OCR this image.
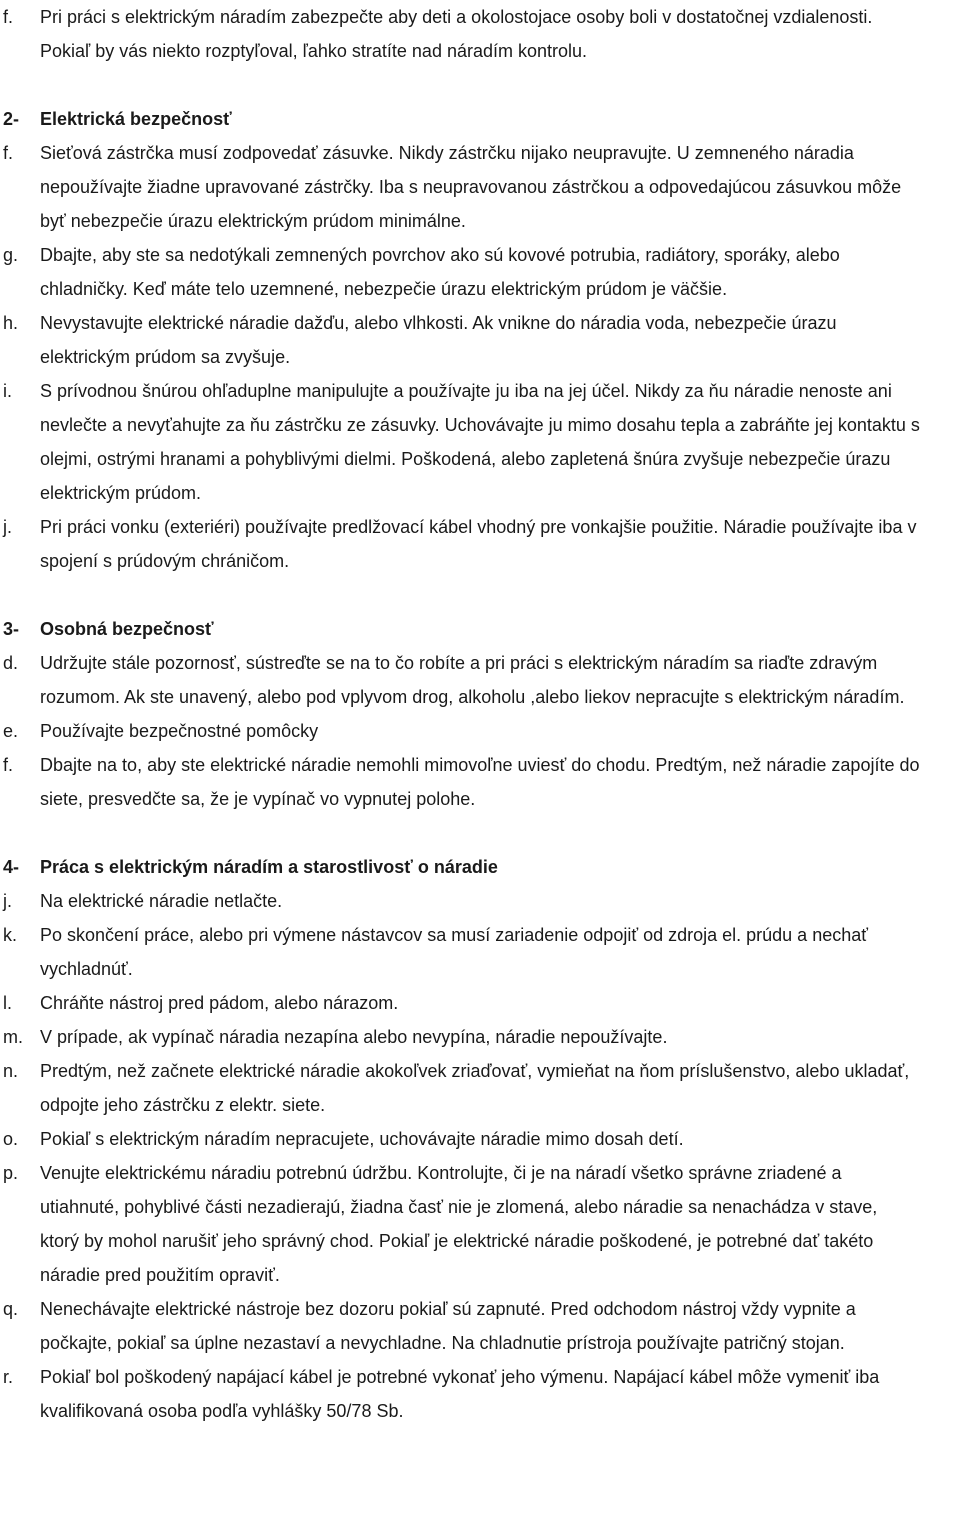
f. Pri práci s elektrickým náradím zabezpečte aby deti a okolostojace osoby boli v dostatočnej vzdialenosti. Pokiaľ by vás niekto rozptyľoval, ľahko stratíte nad náradím kontrolu.
2- Elektrická bezpečnosť
f. Sieťová zástrčka musí zodpovedať zásuvke. Nikdy zástrčku nijako neupravujte. U zemneného náradia nepoužívajte žiadne upravované zástrčky. Iba s neupravovanou zástrčkou a odpovedajúcou zásuvkou môže byť nebezpečie úrazu elektrickým prúdom minimálne.
g. Dbajte, aby ste sa nedotýkali zemnených povrchov ako sú kovové potrubia, radiátory, sporáky, alebo chladničky. Keď máte telo uzemnené, nebezpečie úrazu elektrickým prúdom je väčšie.
h. Nevystavujte elektrické náradie dažďu, alebo vlhkosti. Ak vnikne do náradia voda, nebezpečie úrazu elektrickým prúdom sa zvyšuje.
i. S prívodnou šnúrou ohľaduplne manipulujte a používajte ju iba na jej účel. Nikdy za ňu náradie nenoste ani nevlečte a nevyťahujte za ňu zástrčku ze zásuvky. Uchovávajte ju mimo dosahu tepla a zabráňte jej kontaktu s olejmi, ostrými hranami a pohyblivými dielmi. Poškodená, alebo zapletená šnúra zvyšuje nebezpečie úrazu elektrickým prúdom.
j. Pri práci vonku (exteriéri) používajte predlžovací kábel vhodný pre vonkajšie použitie. Náradie používajte iba v spojení s prúdovým chráničom.
3- Osobná bezpečnosť
d. Udržujte stále pozornosť, sústreďte se na to čo robíte a pri práci s elektrickým náradím sa riaďte zdravým rozumom. Ak ste unavený, alebo pod vplyvom drog, alkoholu ,alebo liekov nepracujte s elektrickým náradím.
e. Používajte bezpečnostné pomôcky
f. Dbajte na to, aby ste elektrické náradie nemohli mimovoľne uviesť do chodu. Predtým, než náradie zapojíte do siete, presvedčte sa, že je vypínač vo vypnutej polohe.
4- Práca s elektrickým náradím a starostlivosť o náradie
j. Na elektrické náradie netlačte.
k. Po skončení práce, alebo pri výmene nástavcov sa musí zariadenie odpojiť od zdroja el. prúdu a nechať vychladnúť.
l. Chráňte nástroj pred pádom, alebo nárazom.
m. V prípade, ak vypínač náradia nezapína alebo nevypína, náradie nepoužívajte.
n. Predtým, než začnete elektrické náradie akokoľvek zriaďovať, vymieňat na ňom príslušenstvo, alebo ukladať, odpojte jeho zástrčku z elektr. siete.
o. Pokiaľ s elektrickým náradím nepracujete, uchovávajte náradie mimo dosah detí.
p. Venujte elektrickému náradiu potrebnú údržbu. Kontrolujte, či je na náradí všetko správne zriadené a utiahnuté, pohyblivé části nezadierajú, žiadna časť nie je zlomená, alebo náradie sa nenachádza v stave, ktorý by mohol narušiť jeho správný chod. Pokiaľ je elektrické náradie poškodené, je potrebné dať takéto náradie pred použitím opraviť.
q. Nenechávajte elektrické nástroje bez dozoru pokiaľ sú zapnuté. Pred odchodom nástroj vždy vypnite a počkajte, pokiaľ sa úplne nezastaví a nevychladne. Na chladnutie prístroja používajte patričný stojan.
r. Pokiaľ bol poškodený napájací kábel je potrebné vykonať jeho výmenu. Napájací kábel môže vymeniť iba kvalifikovaná osoba podľa vyhlášky 50/78 Sb.
